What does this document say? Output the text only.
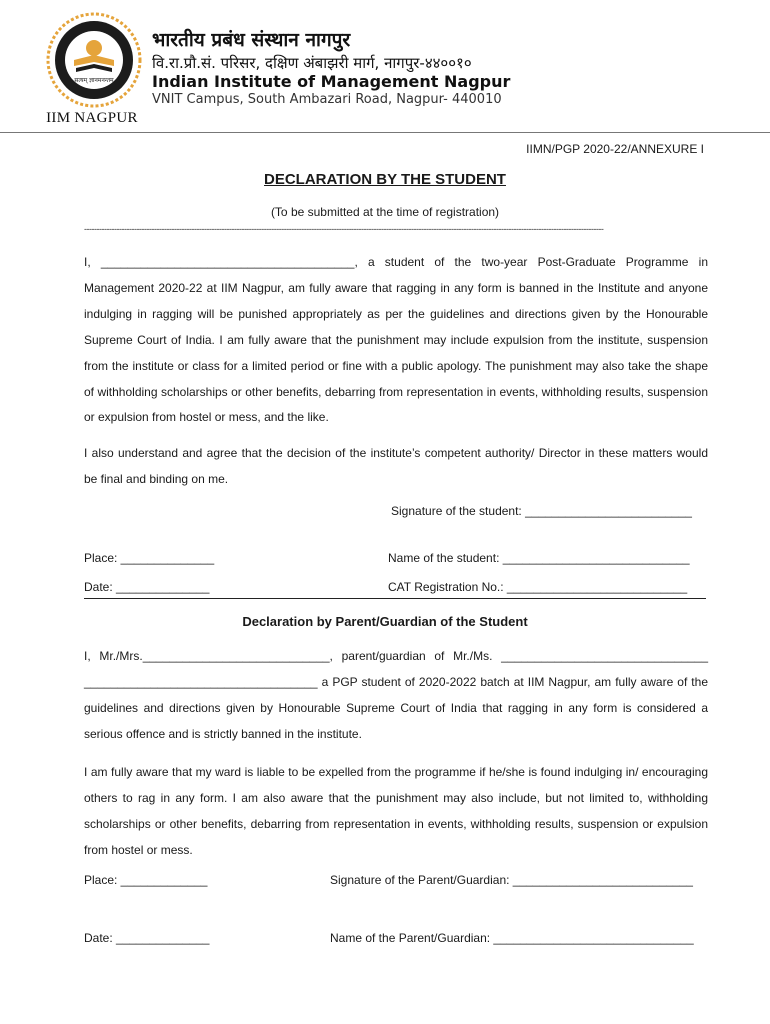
सत्यम् ज्ञानमनन्तम्
IIM NAGPUR
भारतीय प्रबंध संस्थान नागपुर
वि.रा.प्रौ.सं. परिसर, दक्षिण अंबाझरी मार्ग, नागपुर-४४००१०
Indian Institute of Management Nagpur
VNIT Campus, South Ambazari Road, Nagpur- 440010
IIMN/PGP 2020-22/ANNEXURE I
DECLARATION BY THE STUDENT
(To be submitted at the time of registration)
----------------------------------------------------------------------------------------------------------------------------------------------------------------------------------------------------------------

I, ______________________________________, a student of the two-year Post-Graduate Programme in Management 2020-22 at IIM Nagpur, am fully aware that ragging in any form is banned in the Institute and anyone indulging in ragging will be punished appropriately as per the guidelines and directions given by the Honourable Supreme Court of India. I am fully aware that the punishment may include expulsion from the institute, suspension from the institute or class for a limited period or fine with a public apology. The punishment may also take the shape of withholding scholarships or other benefits, debarring from representation in events, withholding results, suspension or expulsion from hostel or mess, and the like.

I also understand and agree that the decision of the institute’s competent authority/ Director in these matters would be final and binding on me.

Signature of the student: _________________________
Place: ______________	Name of the student: ____________________________
Date: ______________	CAT Registration No.: ___________________________
Declaration by Parent/Guardian of the Student

I, Mr./Mrs.____________________________, parent/guardian of Mr./Ms. _______________________________ ___________________________________ a PGP student of 2020-2022 batch at IIM Nagpur, am fully aware of the guidelines and directions given by Honourable Supreme Court of India that ragging in any form is considered a serious offence and is strictly banned in the institute.

I am fully aware that my ward is liable to be expelled from the programme if he/she is found indulging in/ encouraging others to rag in any form. I am also aware that the punishment may also include, but not limited to, withholding scholarships or other benefits, debarring from representation in events, withholding results, suspension or expulsion from hostel or mess.

Place: _____________	Signature of the Parent/Guardian: ___________________________
Date: ______________	Name of the Parent/Guardian: ______________________________
